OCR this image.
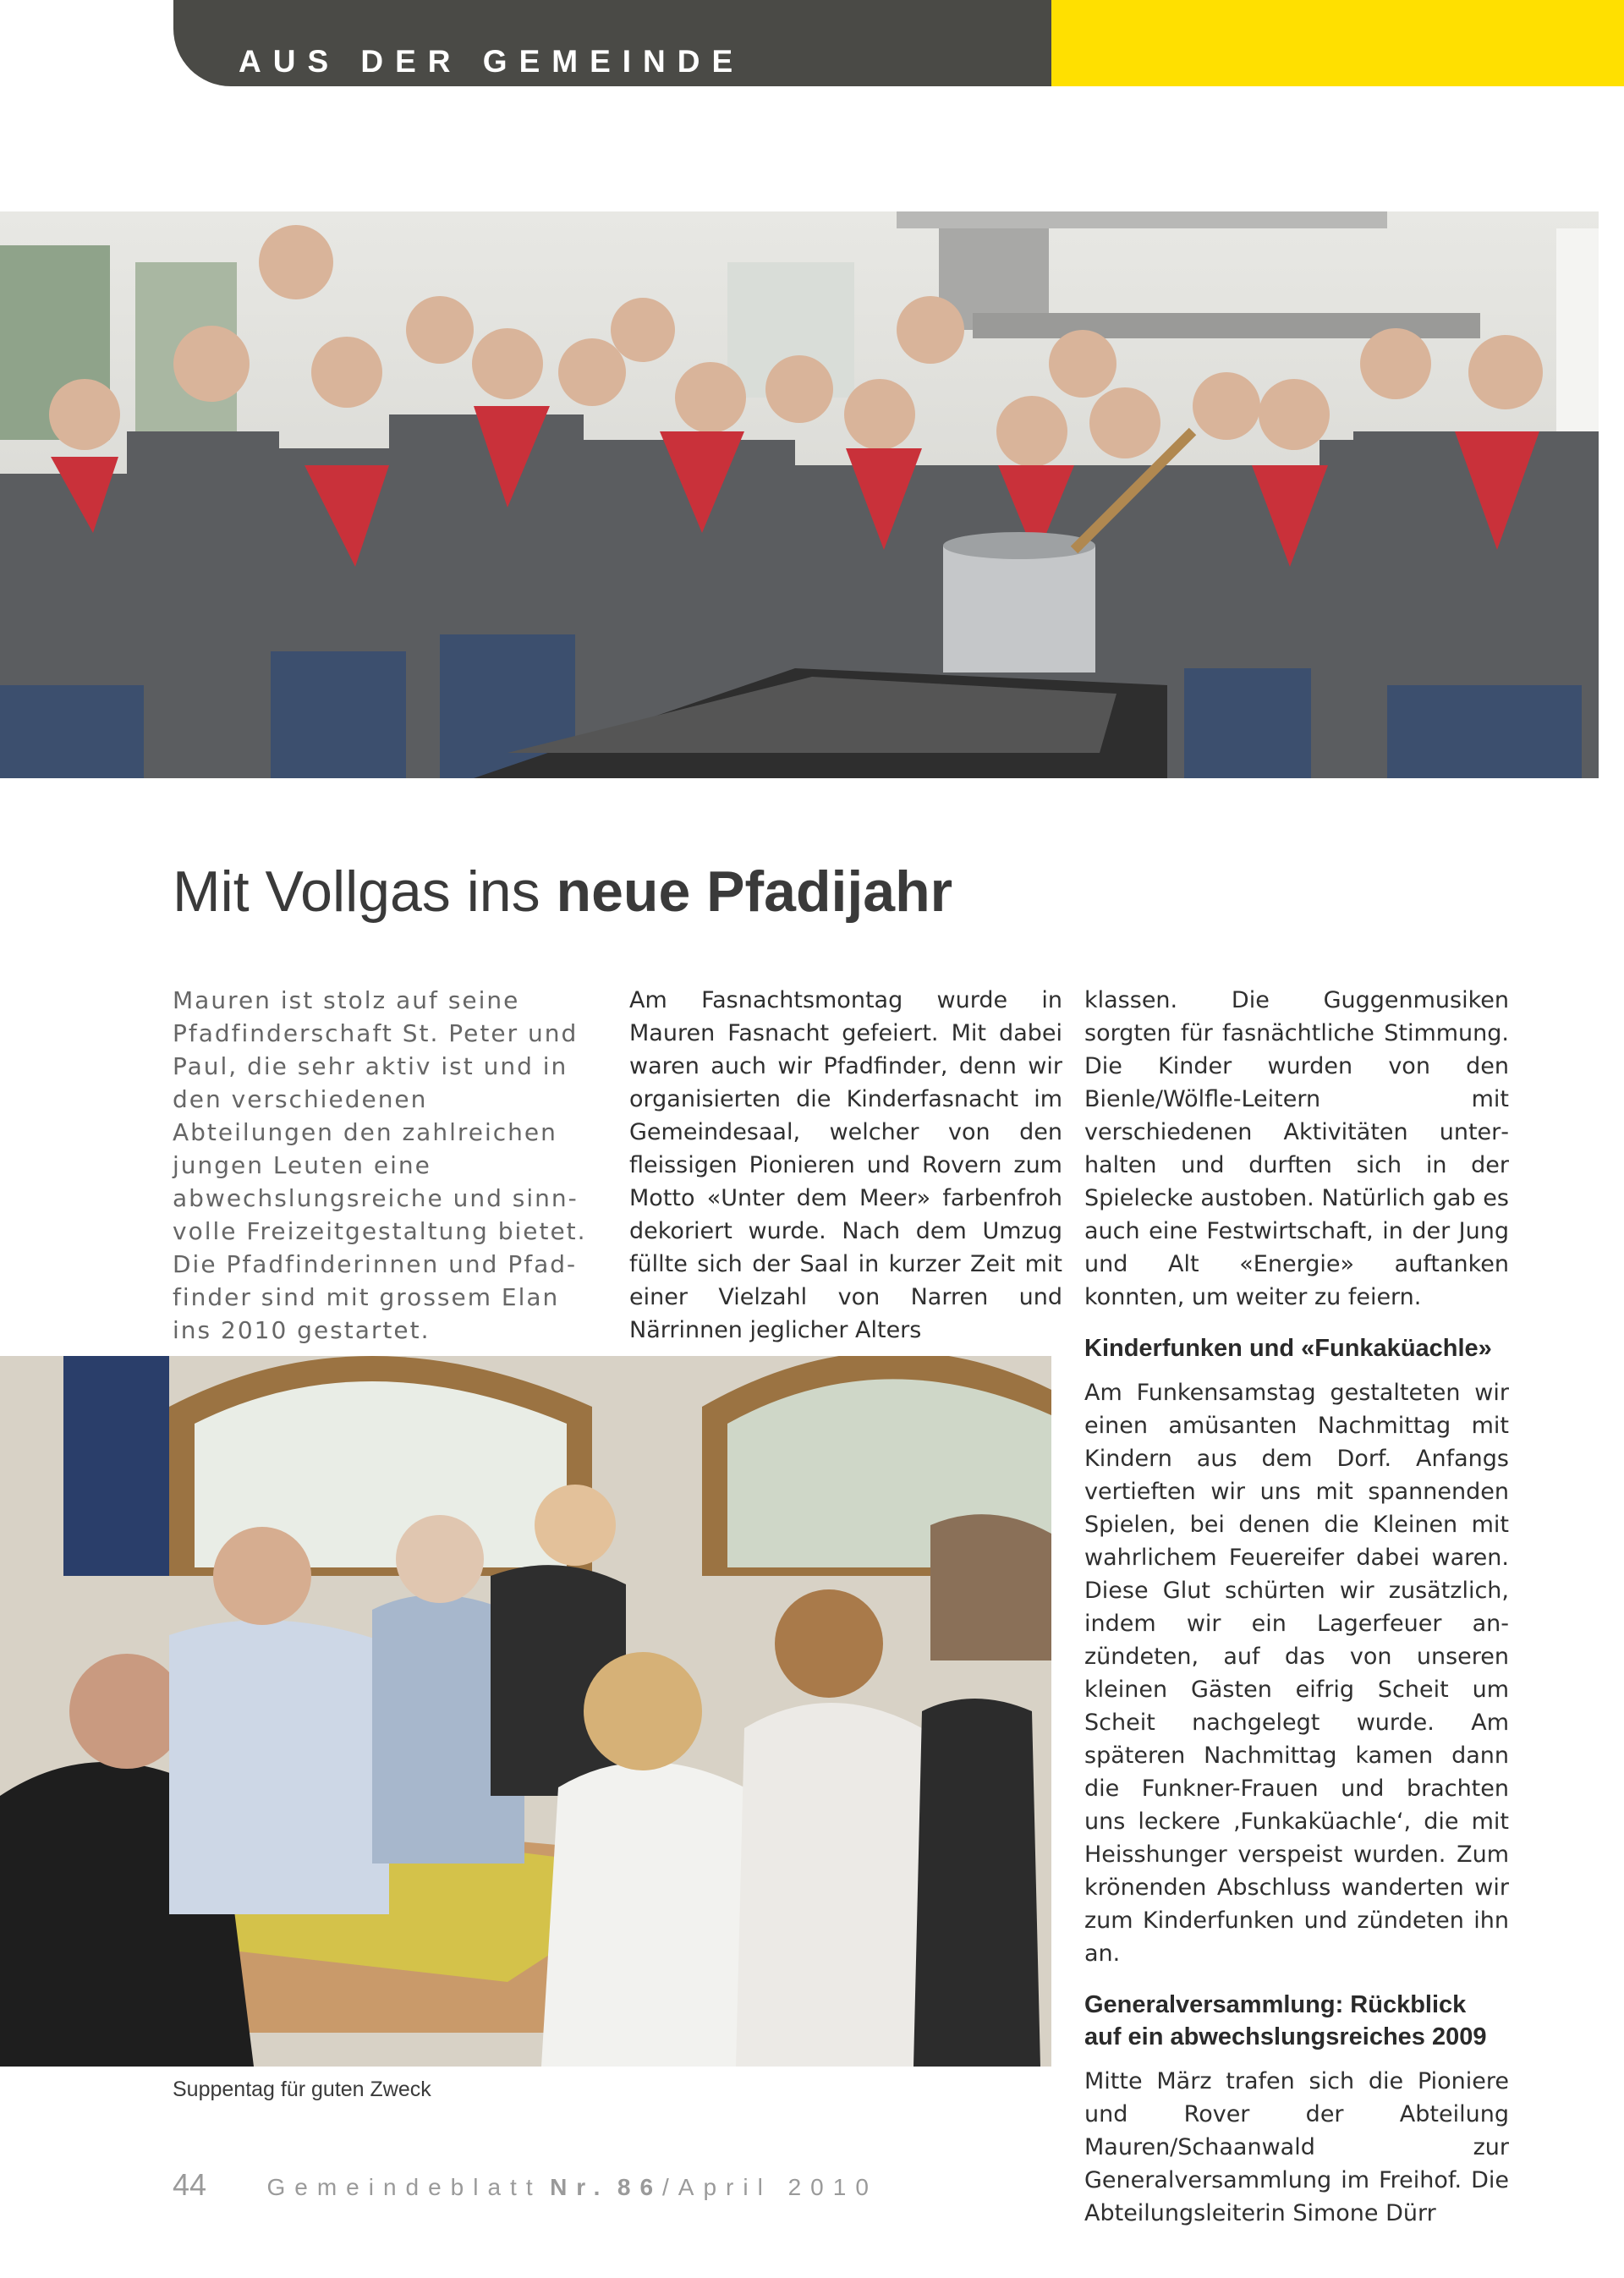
AUS DER GEMEINDE
Mit Vollgas ins neue Pfadijahr

Mauren ist stolz auf seine Pfadfinderschaft St. Peter und Paul, die sehr aktiv ist und in den verschiedenen Abteilungen den zahlreichen jungen Leuten eine abwechslungsreiche und sinnvolle Freizeitgestaltung bietet. Die Pfadfinderinnen und Pfadfinder sind mit grossem Elan ins 2010 gestartet.

Am Fasnachtsmontag wurde in Mauren Fasnacht gefeiert. Mit dabei waren auch wir Pfadfinder, denn wir organisierten die Kinderfasnacht im Gemeindesaal, welcher von den fleissigen Pionieren und Rovern zum Motto «Unter dem Meer» farbenfroh dekoriert wurde. Nach dem Umzug füllte sich der Saal in kurzer Zeit mit einer Vielzahl von Narren und Närrinnen jeglicher Alters

klassen. Die Guggenmusiken sorgten für fasnächtliche Stimmung. Die Kinder wurden von den Bienle/Wölfle-Leitern mit verschiedenen Aktivitäten unterhalten und durften sich in der Spielecke austoben. Natürlich gab es auch eine Festwirtschaft, in der Jung und Alt «Energie» auftanken konnten, um weiter zu feiern.

Kinderfunken und «Funkaküachle»

Am Funkensamstag gestalteten wir einen amüsanten Nachmittag mit Kindern aus dem Dorf. Anfangs vertieften wir uns mit spannenden Spielen, bei denen die Kleinen mit wahrlichem Feuereifer dabei waren. Diese Glut schürten wir zusätzlich, indem wir ein Lagerfeuer anzündeten, auf das von unseren kleinen Gästen eifrig Scheit um Scheit nachgelegt wurde. Am späteren Nachmittag kamen dann die Funkner-Frauen und brachten uns leckere ‚Funkaküachle‘, die mit Heisshunger verspeist wurden. Zum krönenden Abschluss wanderten wir zum Kinderfunken und zündeten ihn an.

Generalversammlung: Rückblick auf ein abwechslungsreiches 2009

Mitte März trafen sich die Pioniere und Rover der Abteilung Mauren/Schaanwald zur Generalversammlung im Freihof. Die Abteilungsleiterin Simone Dürr

Suppentag für guten Zweck
44	Gemeindeblatt Nr. 86/April 2010
